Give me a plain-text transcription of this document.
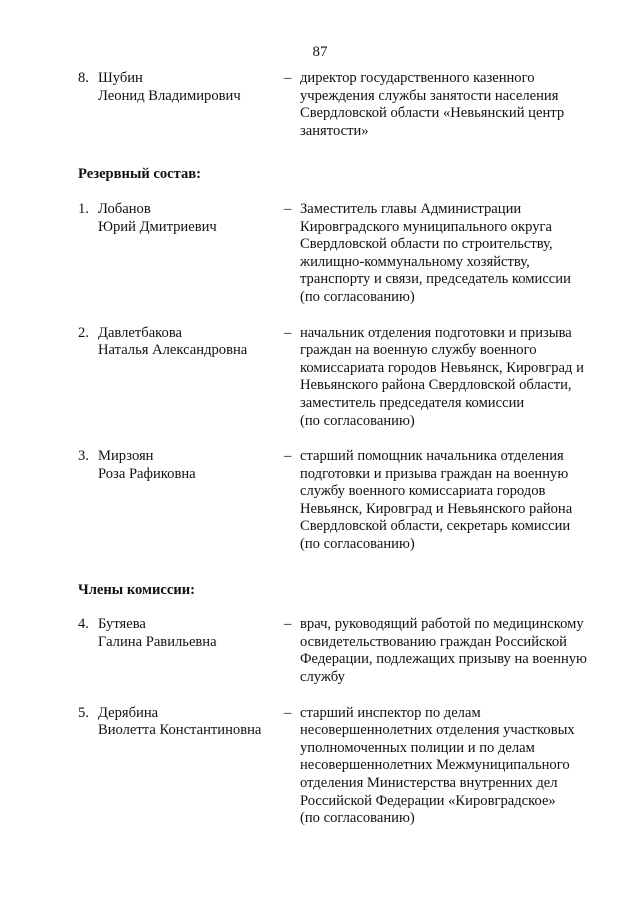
87
8. Шубин
Леонид Владимирович
– директор государственного казенного
учреждения службы занятости населения
Свердловской области «Невьянский центр
занятости»
Резервный состав:
1. Лобанов
Юрий Дмитриевич
– Заместитель главы Администрации
Кировградского муниципального округа
Свердловской области по строительству,
жилищно-коммунальному хозяйству,
транспорту и связи, председатель комиссии
(по согласованию)
2. Давлетбакова
Наталья Александровна
– начальник отделения подготовки и призыва
граждан на военную службу военного
комиссариата городов Невьянск, Кировград и
Невьянского района Свердловской области,
заместитель председателя комиссии
(по согласованию)
3. Мирзоян
Роза Рафиковна
– старший помощник начальника отделения
подготовки и призыва граждан на военную
службу военного комиссариата городов
Невьянск, Кировград и Невьянского района
Свердловской области, секретарь комиссии
(по согласованию)
Члены комиссии:
4. Бутяева
Галина Равильевна
– врач, руководящий работой по медицинскому
освидетельствованию граждан Российской
Федерации, подлежащих призыву на военную
службу
5. Дерябина
Виолетта Константиновна
– старший инспектор по делам
несовершеннолетних отделения участковых
уполномоченных полиции и по делам
несовершеннолетних Межмуниципального
отделения Министерства внутренних дел
Российской Федерации «Кировградское»
(по согласованию)
